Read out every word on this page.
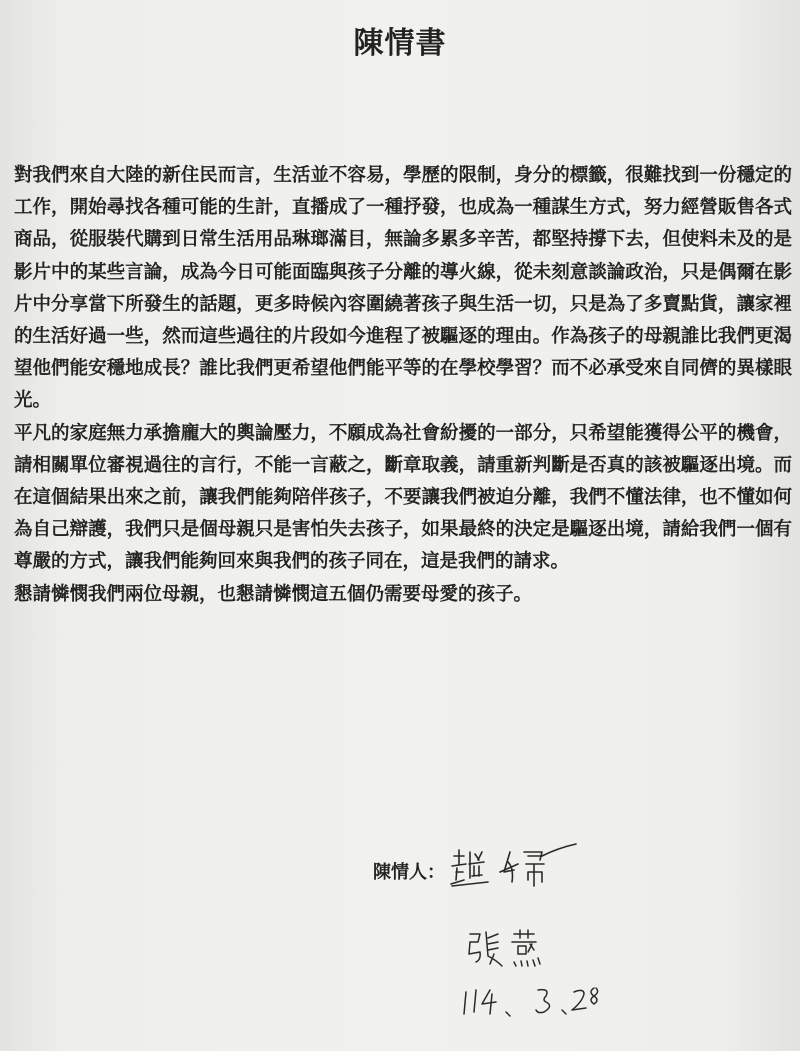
陳情書

對我們來自大陸的新住民而言，生活並不容易，學歷的限制，身分的標籤，很難找到一份穩定的工作，開始尋找各種可能的生計，直播成了一種抒發，也成為一種謀生方式，努力經營販售各式商品，從服裝代購到日常生活用品琳瑯滿目，無論多累多辛苦，都堅持撐下去，但使料未及的是影片中的某些言論，成為今日可能面臨與孩子分離的導火線，從未刻意談論政治，只是偶爾在影片中分享當下所發生的話題，更多時候內容圍繞著孩子與生活一切，只是為了多賣點貨，讓家裡的生活好過一些，然而這些過往的片段如今進程了被驅逐的理由。作為孩子的母親誰比我們更渴望他們能安穩地成長？誰比我們更希望他們能平等的在學校學習？而不必承受來自同儕的異樣眼光。

平凡的家庭無力承擔龐大的輿論壓力，不願成為社會紛擾的一部分，只希望能獲得公平的機會，請相關單位審視過往的言行，不能一言蔽之，斷章取義，請重新判斷是否真的該被驅逐出境。而在這個結果出來之前，讓我們能夠陪伴孩子，不要讓我們被迫分離，我們不懂法律，也不懂如何為自己辯護，我們只是個母親只是害怕失去孩子，如果最終的決定是驅逐出境，請給我們一個有尊嚴的方式，讓我們能夠回來與我們的孩子同在，這是我們的請求。

懇請憐憫我們兩位母親，也懇請憐憫這五個仍需要母愛的孩子。

陳情人：
